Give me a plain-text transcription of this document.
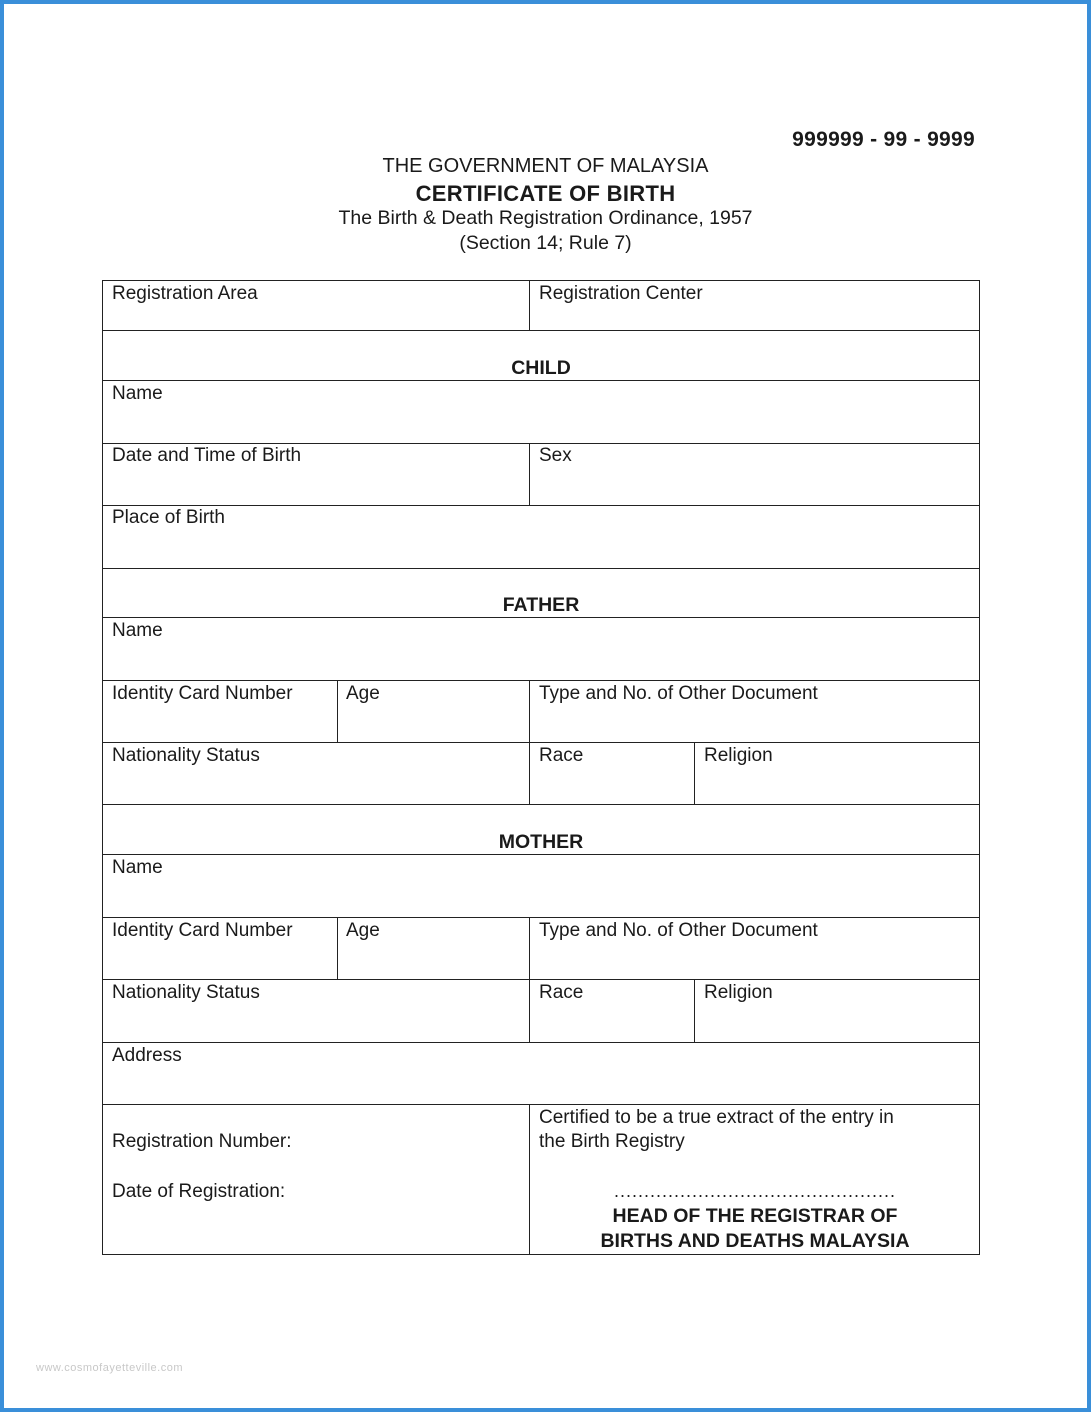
999999 - 99 - 9999
THE GOVERNMENT OF MALAYSIA
CERTIFICATE OF BIRTH
The Birth & Death Registration Ordinance, 1957
(Section 14; Rule 7)
Registration Area	Registration Center
CHILD
Name
Date and Time of Birth	Sex
Place of Birth
FATHER
Name
Identity Card Number	Age	Type and No. of Other Document
Nationality Status	Race	Religion
MOTHER
Name
Identity Card Number	Age	Type and No. of Other Document
Nationality Status	Race	Religion
Address
Registration Number:
Date of Registration:
Certified to be a true extract of the entry in
the Birth Registry
...............................................
HEAD OF THE REGISTRAR OF
BIRTHS AND DEATHS MALAYSIA
www.cosmofayetteville.com
